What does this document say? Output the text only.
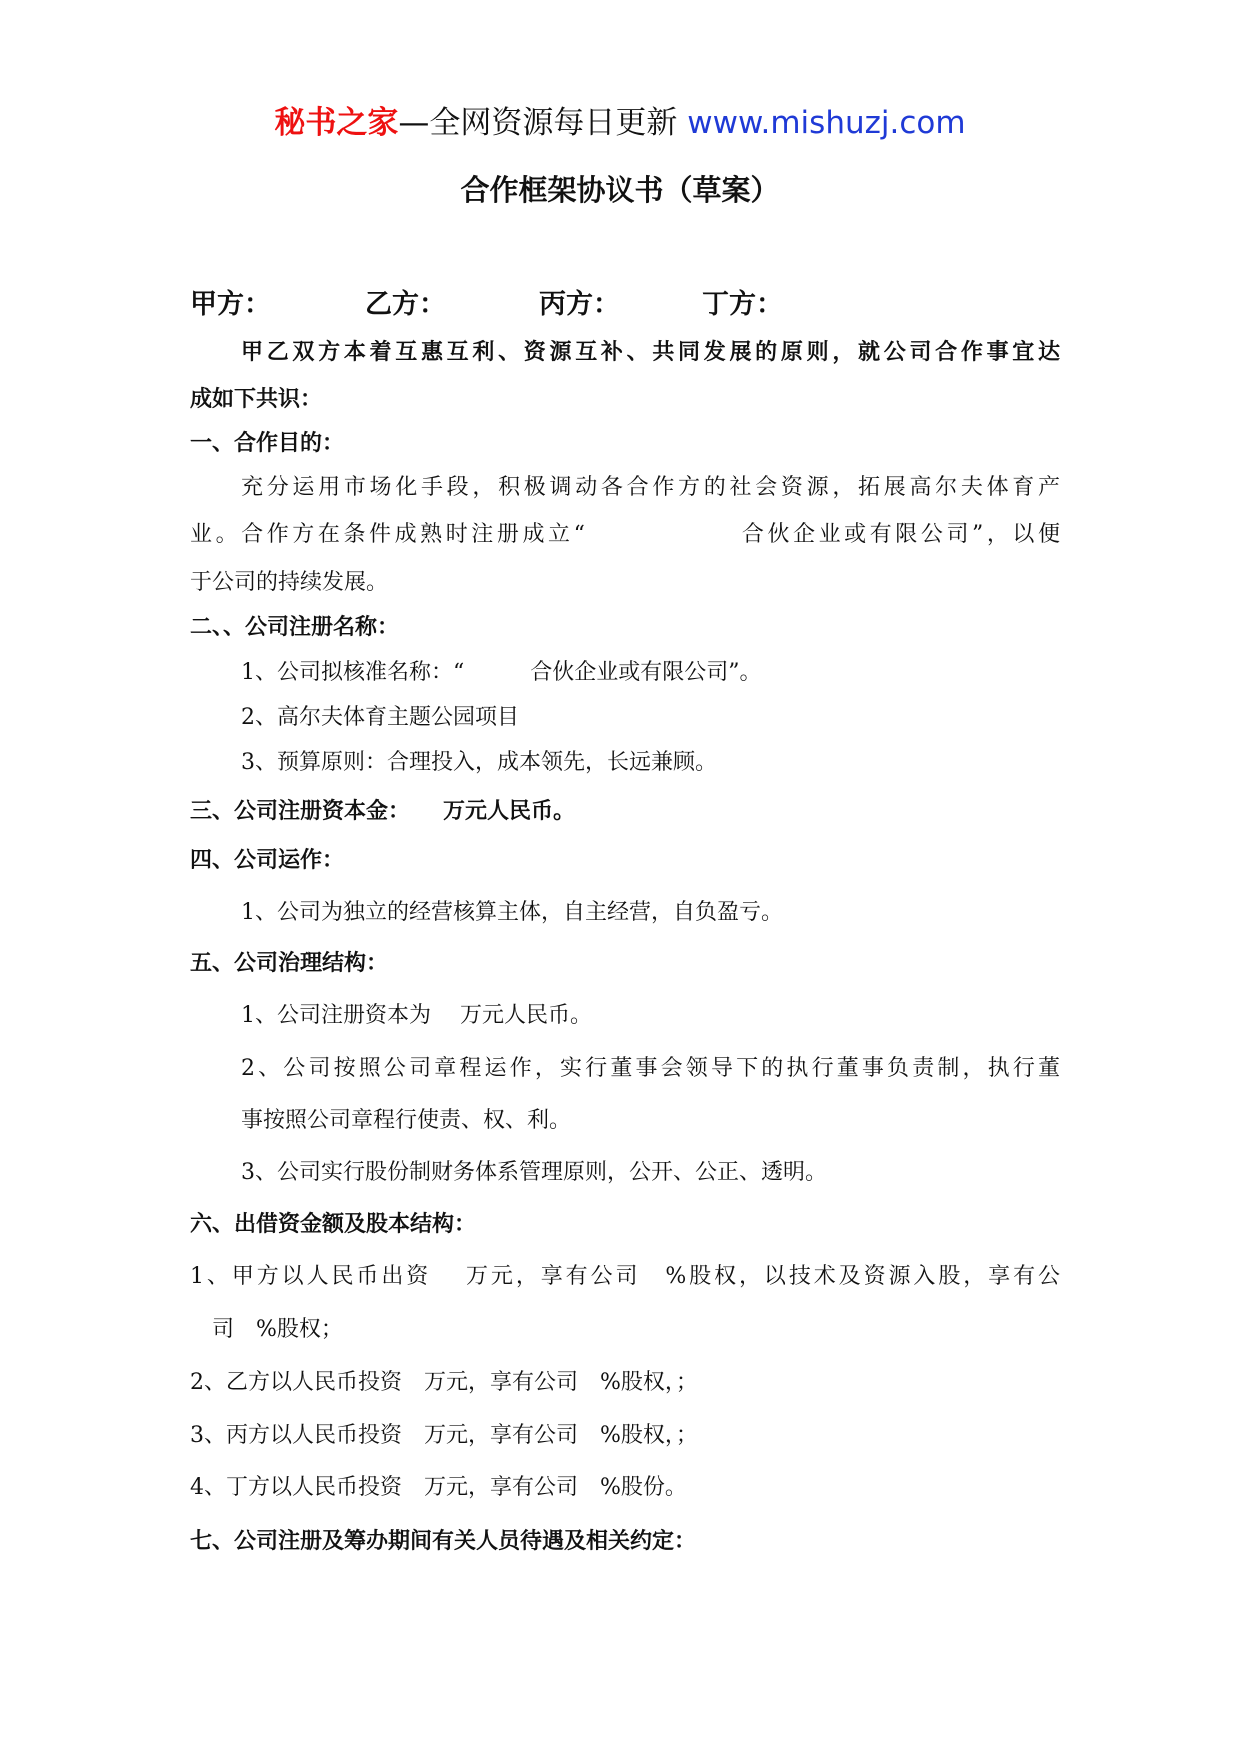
秘书之家—全网资源每日更新 www.mishuzj.com
合作框架协议书（草案）
甲方：	乙方：	丙方：	丁方：
甲乙双方本着互惠互利、资源互补、共同发展的原则，就公司合作事宜达
成如下共识：
一、合作目的：
充分运用市场化手段，积极调动各合作方的社会资源，拓展高尔夫体育产
业。合作方在条件成熟时注册成立“　　　　　　合伙企业或有限公司”，以便
于公司的持续发展。
二、、公司注册名称：
1、公司拟核准名称：“　　　合伙企业或有限公司”。
2、高尔夫体育主题公园项目
3、预算原则：合理投入，成本领先，长远兼顾。
三、公司注册资本金：　　万元人民币。
四、公司运作：
1、公司为独立的经营核算主体，自主经营，自负盈亏。
五、公司治理结构：
1、公司注册资本为　 万元人民币。
2、公司按照公司章程运作，实行董事会领导下的执行董事负责制，执行董
事按照公司章程行使责、权、利。
3、公司实行股份制财务体系管理原则，公开、公正、透明。
六、出借资金额及股本结构：
1、甲方以人民币出资　 万元，享有公司　%股权，以技术及资源入股，享有公
　司　%股权；
2、乙方以人民币投资　万元，享有公司　%股权，；
3、丙方以人民币投资　万元，享有公司　%股权，；
4、丁方以人民币投资　万元，享有公司　%股份。
七、公司注册及筹办期间有关人员待遇及相关约定：
